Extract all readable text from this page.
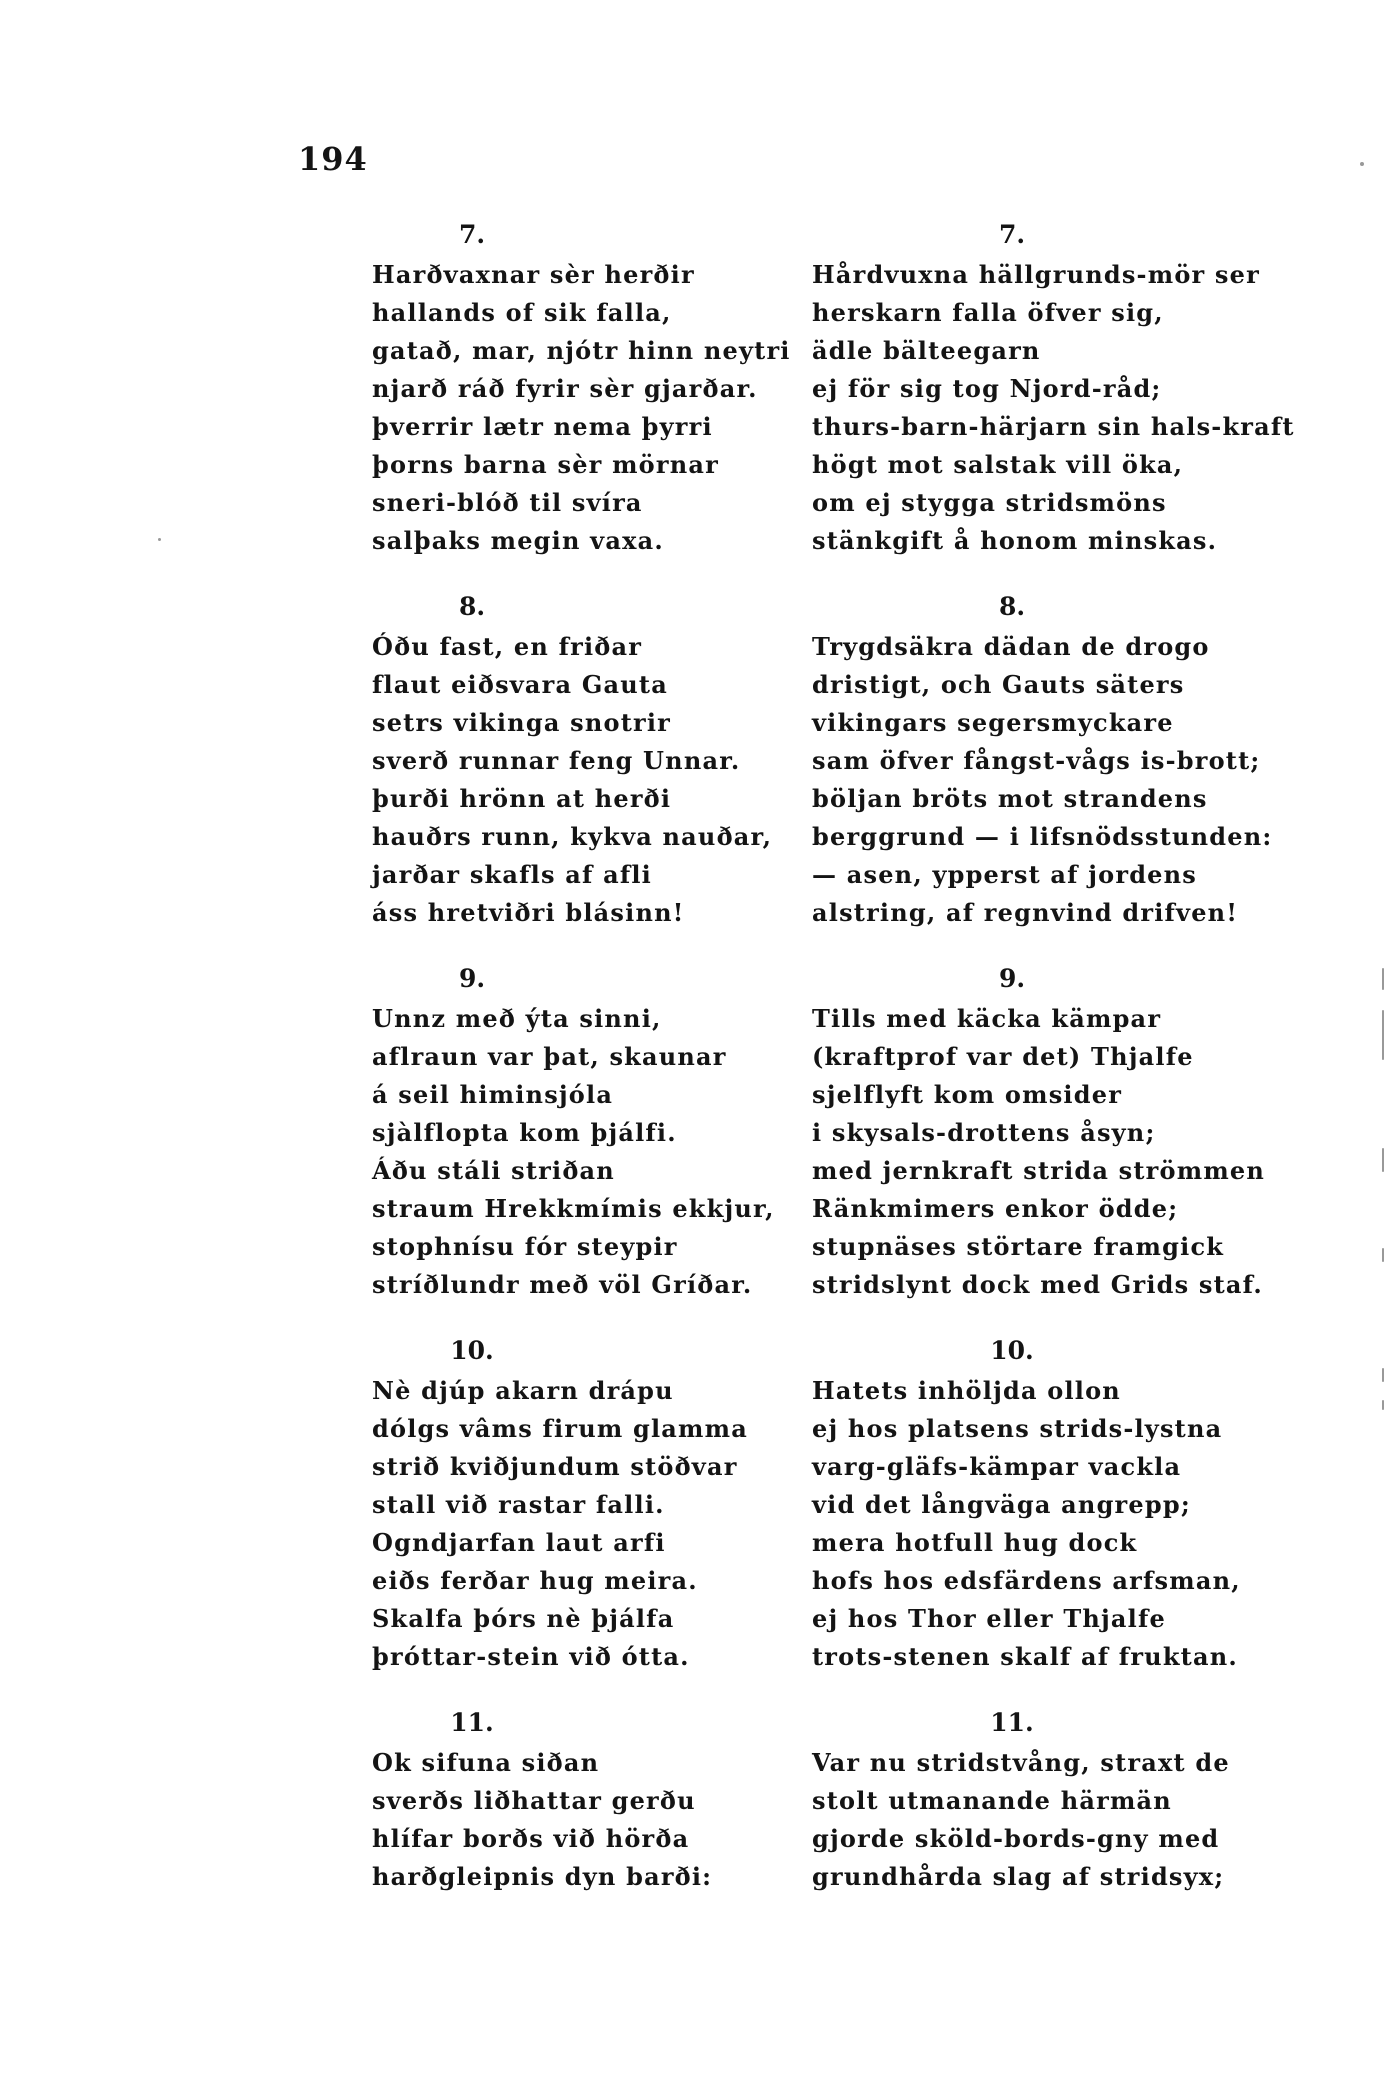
194
7.
Harðvaxnar sèr herðir
hallands of sik falla,
gatað, mar, njótr hinn neytri
njarð ráð fyrir sèr gjarðar.
þverrir lætr nema þyrri
þorns barna sèr mörnar
sneri-blóð til svíra
salþaks megin vaxa.
8.
Óðu fast, en friðar
flaut eiðsvara Gauta
setrs vikinga snotrir
sverð runnar feng Unnar.
þurði hrönn at herði
hauðrs runn, kykva nauðar,
jarðar skafls af afli
áss hretviðri blásinn!
9.
Unnz með ýta sinni,
aflraun var þat, skaunar
á seil himinsjóla
sjàlflopta kom þjálfi.
Áðu stáli striðan
straum Hrekkmímis ekkjur,
stophnísu fór steypir
stríðlundr með völ Gríðar.
10.
Nè djúp akarn drápu
dólgs vâms firum glamma
strið kviðjundum stöðvar
stall við rastar falli.
Ogndjarfan laut arfi
eiðs ferðar hug meira.
Skalfa þórs nè þjálfa
þróttar-stein við ótta.
11.
Ok sifuna siðan
sverðs liðhattar gerðu
hlífar borðs við hörða
harðgleipnis dyn barði:
7.
Hårdvuxna hällgrunds-mör ser
herskarn falla öfver sig,
ädle bälteegarn
ej för sig tog Njord-råd;
thurs-barn-härjarn sin hals-kraft
högt mot salstak vill öka,
om ej stygga stridsmöns
stänkgift å honom minskas.
8.
Trygdsäkra dädan de drogo
dristigt, och Gauts säters
vikingars segersmyckare
sam öfver fångst-vågs is-brott;
böljan bröts mot strandens
berggrund — i lifsnödsstunden:
— asen, ypperst af jordens
alstring, af regnvind drifven!
9.
Tills med käcka kämpar
(kraftprof var det) Thjalfe
sjelflyft kom omsider
i skysals-drottens åsyn;
med jernkraft strida strömmen
Ränkmimers enkor ödde;
stupnäses störtare framgick
stridslynt dock med Grids staf.
10.
Hatets inhöljda ollon
ej hos platsens strids-lystna
varg-gläfs-kämpar vackla
vid det långväga angrepp;
mera hotfull hug dock
hofs hos edsfärdens arfsman,
ej hos Thor eller Thjalfe
trots-stenen skalf af fruktan.
11.
Var nu stridstvång, straxt de
stolt utmanande härmän
gjorde sköld-bords-gny med
grundhårda slag af stridsyx;
